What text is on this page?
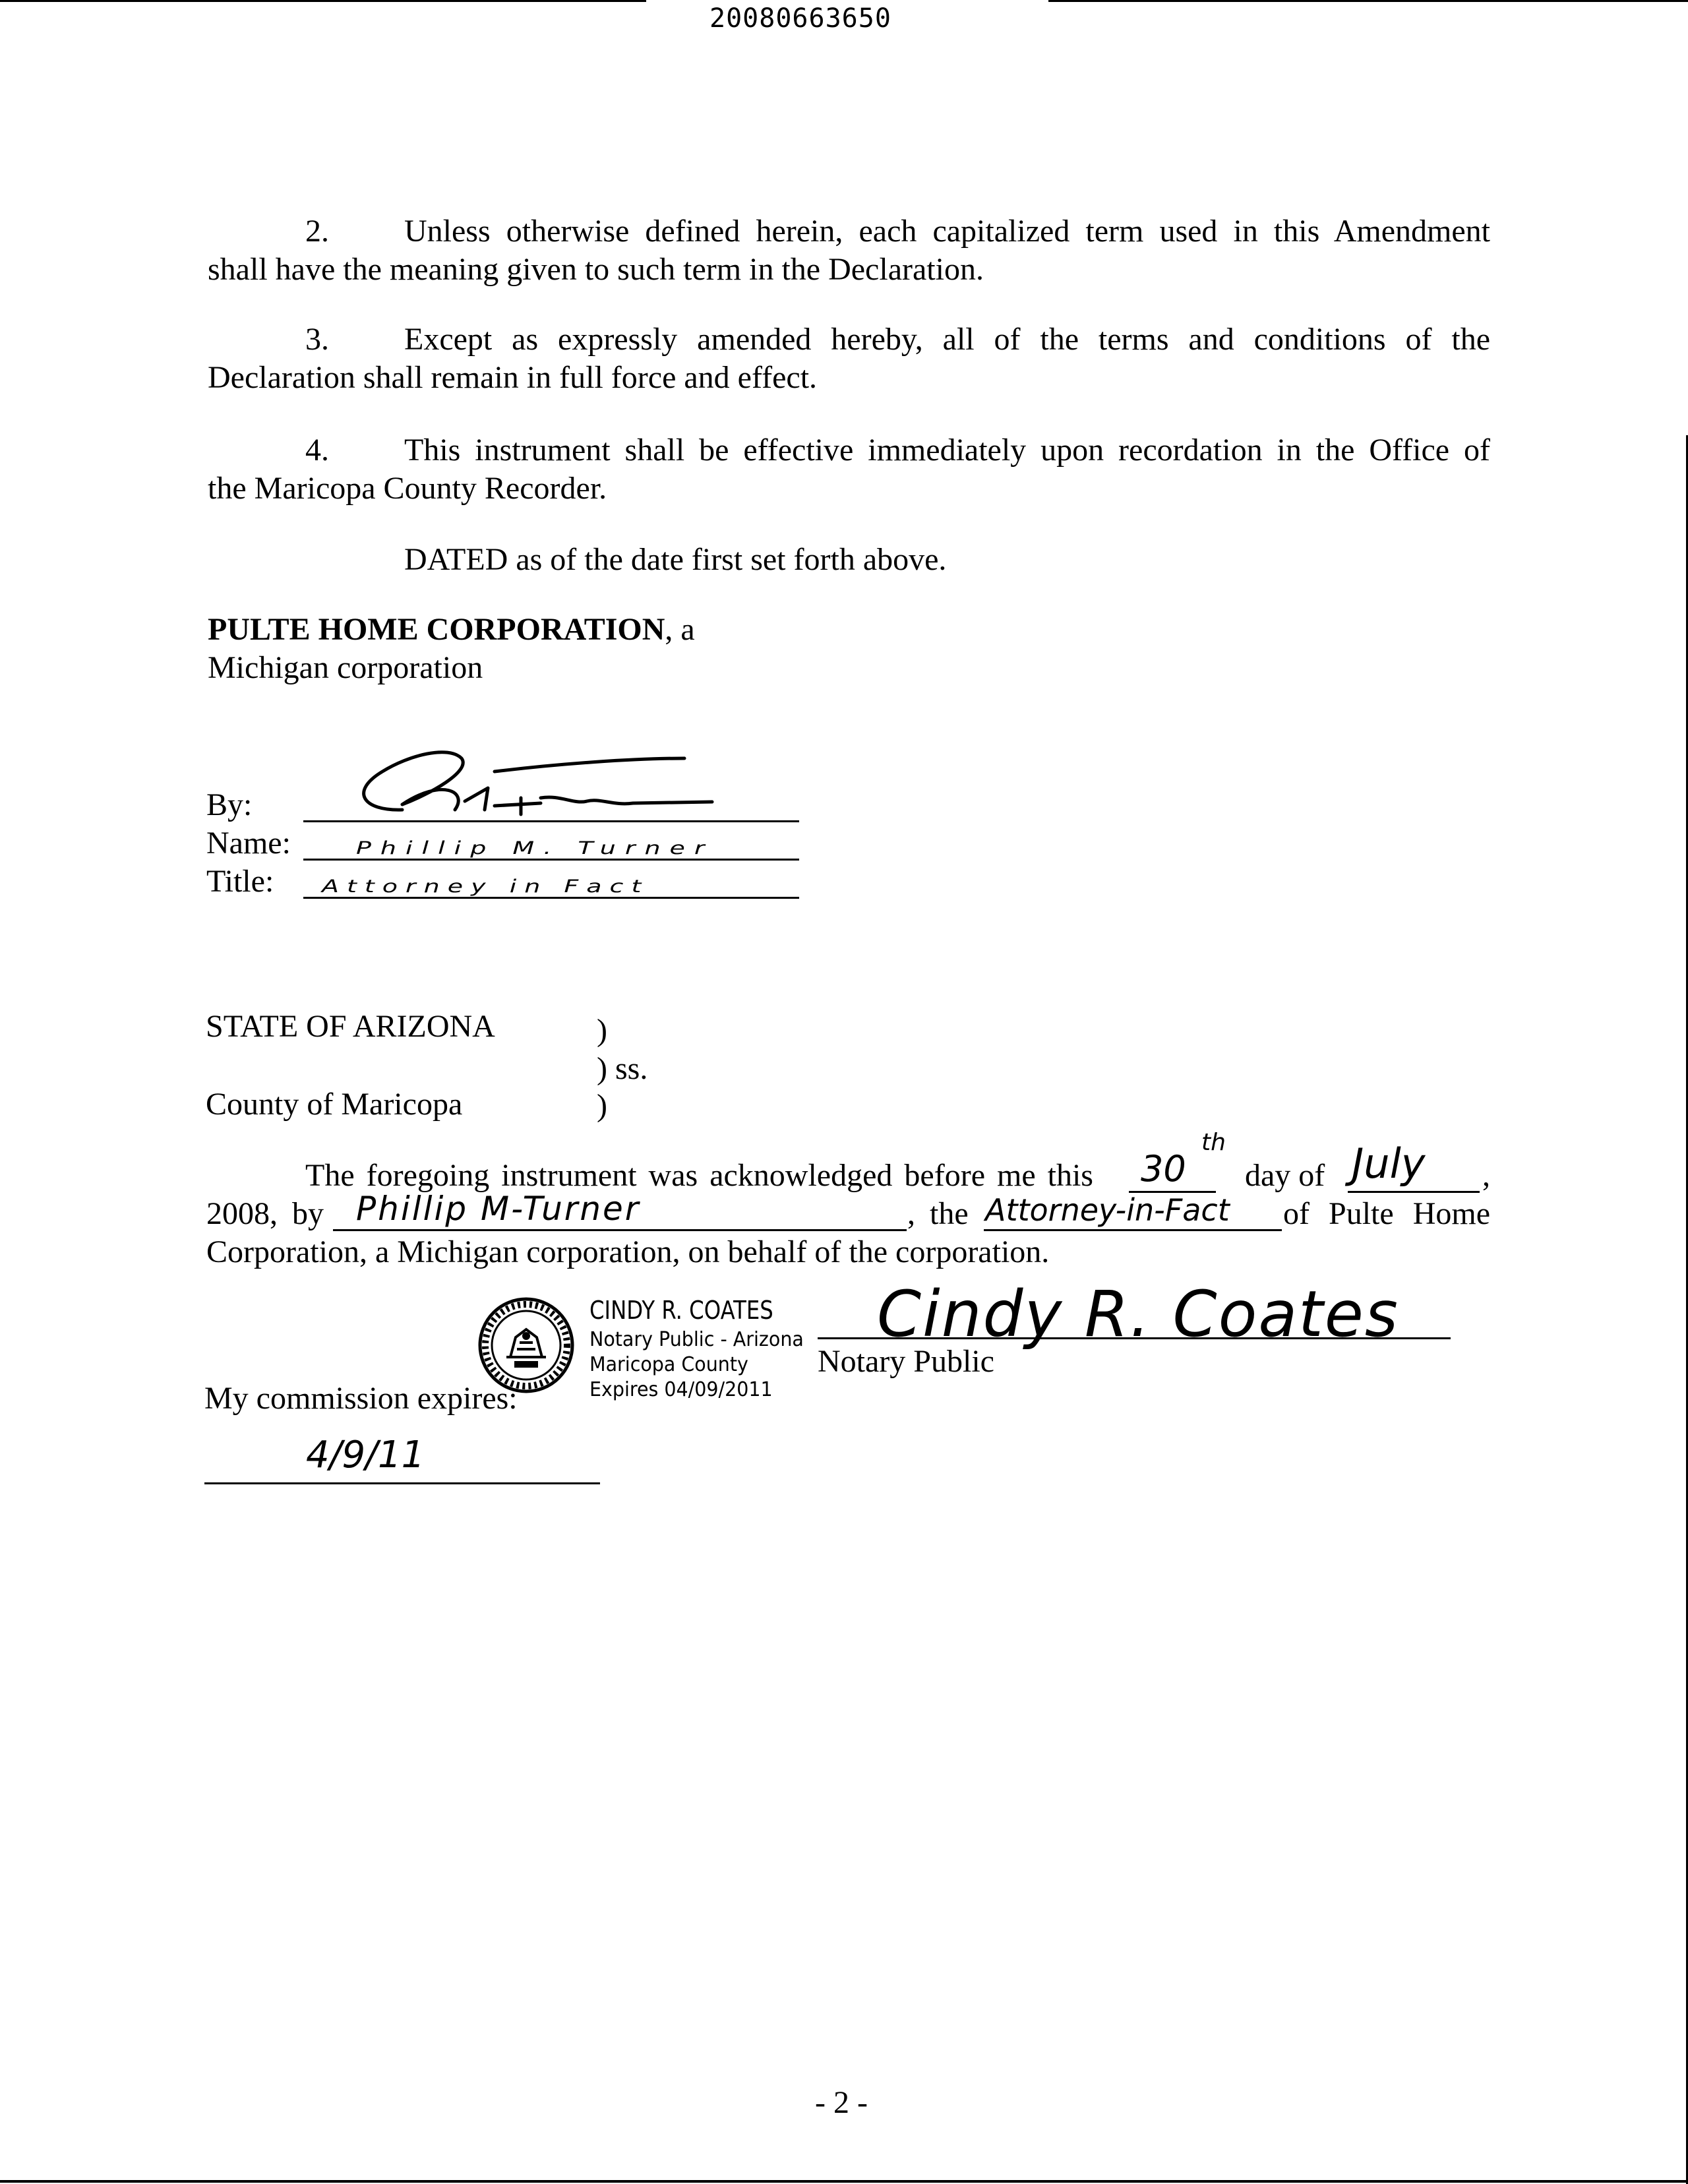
20080663650
2. Unless otherwise defined herein, each capitalized term used in this Amendment
shall have the meaning given to such term in the Declaration.
3. Except as expressly amended hereby, all of the terms and conditions of the
Declaration shall remain in full force and effect.
4. This instrument shall be effective immediately upon recordation in the Office of
the Maricopa County Recorder.
DATED as of the date first set forth above.
PULTE HOME CORPORATION, a
Michigan corporation
By:
Name:	Phillip M. Turner
Title: Attorney in Fact
STATE OF ARIZONA	)
) ss.
County of Maricopa	)
The foregoing instrument was acknowledged before me this 30
th
day of July ,
2008, by Phillip M-Turner	, the Attorney-in-Fact of Pulte Home
Corporation, a Michigan corporation, on behalf of the corporation.
CINDY R. COATES
Notary Public - Arizona
Maricopa County
Expires 04/09/2011
Cindy R. Coates
Notary Public
My commission expires:
4/9/11
- 2 -
